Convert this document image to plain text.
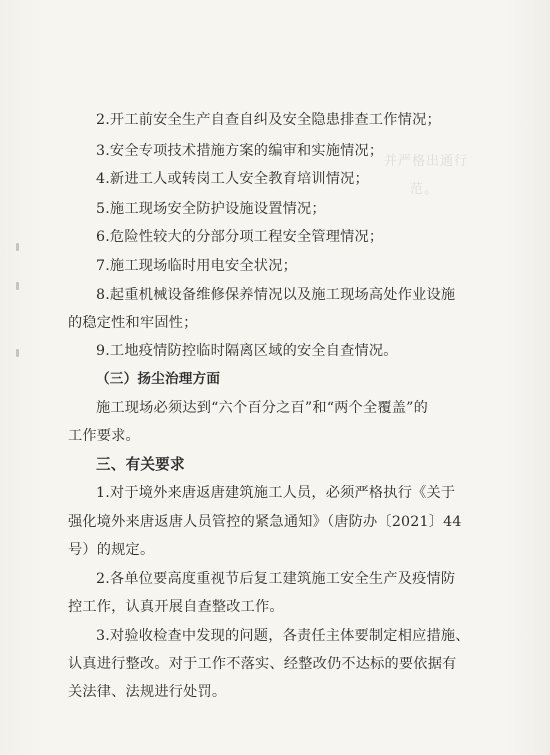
并严格出通行
范。
2.开工前安全生产自查自纠及安全隐患排查工作情况；
3.安全专项技术措施方案的编审和实施情况；
4.新进工人或转岗工人安全教育培训情况；
5.施工现场安全防护设施设置情况；
6.危险性较大的分部分项工程安全管理情况；
7.施工现场临时用电安全状况；
8.起重机械设备维修保养情况以及施工现场高处作业设施
的稳定性和牢固性；
9.工地疫情防控临时隔离区域的安全自查情况。
（三）扬尘治理方面
施工现场必须达到“六个百分之百”和“两个全覆盖”的
工作要求。
三、有关要求
1.对于境外来唐返唐建筑施工人员，必须严格执行《关于
强化境外来唐返唐人员管控的紧急通知》（唐防办〔2021〕44
号）的规定。
2.各单位要高度重视节后复工建筑施工安全生产及疫情防
控工作，认真开展自查整改工作。
3.对验收检查中发现的问题，各责任主体要制定相应措施、
认真进行整改。对于工作不落实、经整改仍不达标的要依据有
关法律、法规进行处罚。
